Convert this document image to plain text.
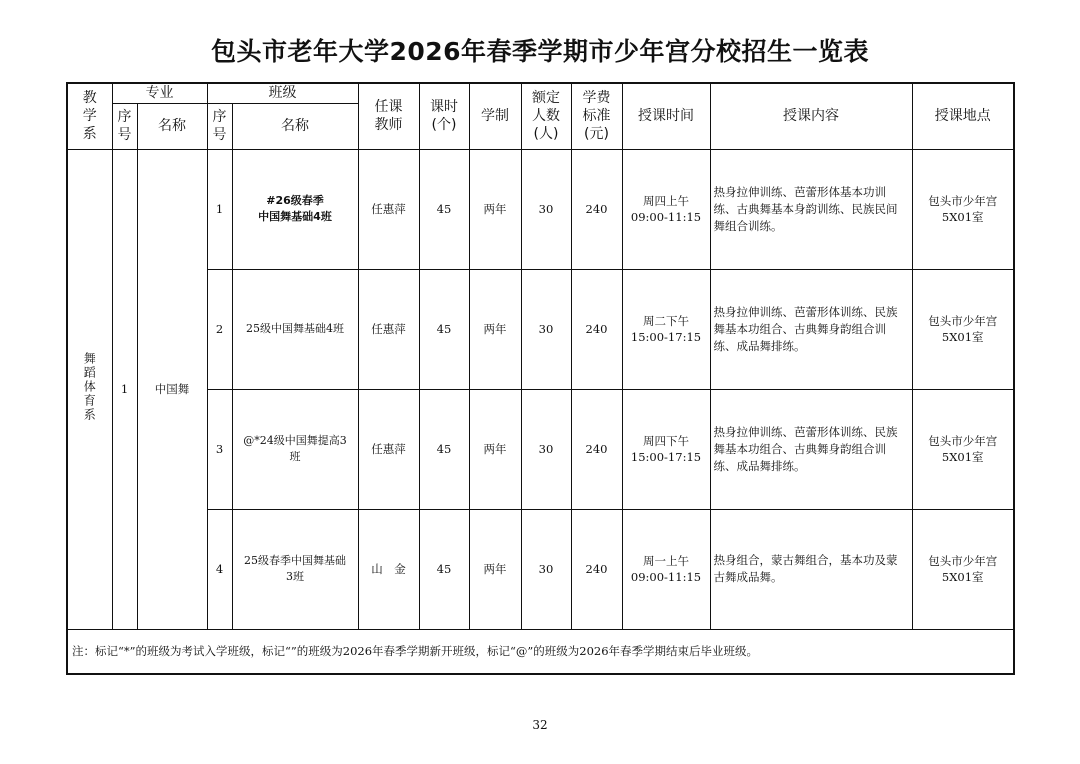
包头市老年大学2026年春季学期市少年宫分校招生一览表
教学系	专业		班级		任课教师	课时(个)	学制	额定人数(人)	学费标准(元)	授课时间	授课内容	授课地点
	序号	名称	序号	名称								
舞蹈体育系	1	中国舞	1	#26级春季
中国舞基础4班	任惠萍	45	两年	30	240	周四上午
09:00-11:15	热身拉伸训练、芭蕾形体基本功训练、古典舞基本身韵训练、民族民间舞组合训练。	包头市少年宫
5X01室
			2	25级中国舞基础4班	任惠萍	45	两年	30	240	周二下午
15:00-17:15	热身拉伸训练、芭蕾形体训练、民族舞基本功组合、古典舞身韵组合训练、成品舞排练。	包头市少年宫
5X01室
			3	@*24级中国舞提高3
班	任惠萍	45	两年	30	240	周四下午
15:00-17:15	热身拉伸训练、芭蕾形体训练、民族舞基本功组合、古典舞身韵组合训练、成品舞排练。	包头市少年宫
5X01室
			4	25级春季中国舞基础
3班	山　金	45	两年	30	240	周一上午
09:00-11:15	热身组合，蒙古舞组合，基本功及蒙古舞成品舞。	包头市少年宫
5X01室
注：标记“*”的班级为考试入学班级，标记“”的班级为2026年春季学期新开班级，标记“@”的班级为2026年春季学期结束后毕业班级。												
32
